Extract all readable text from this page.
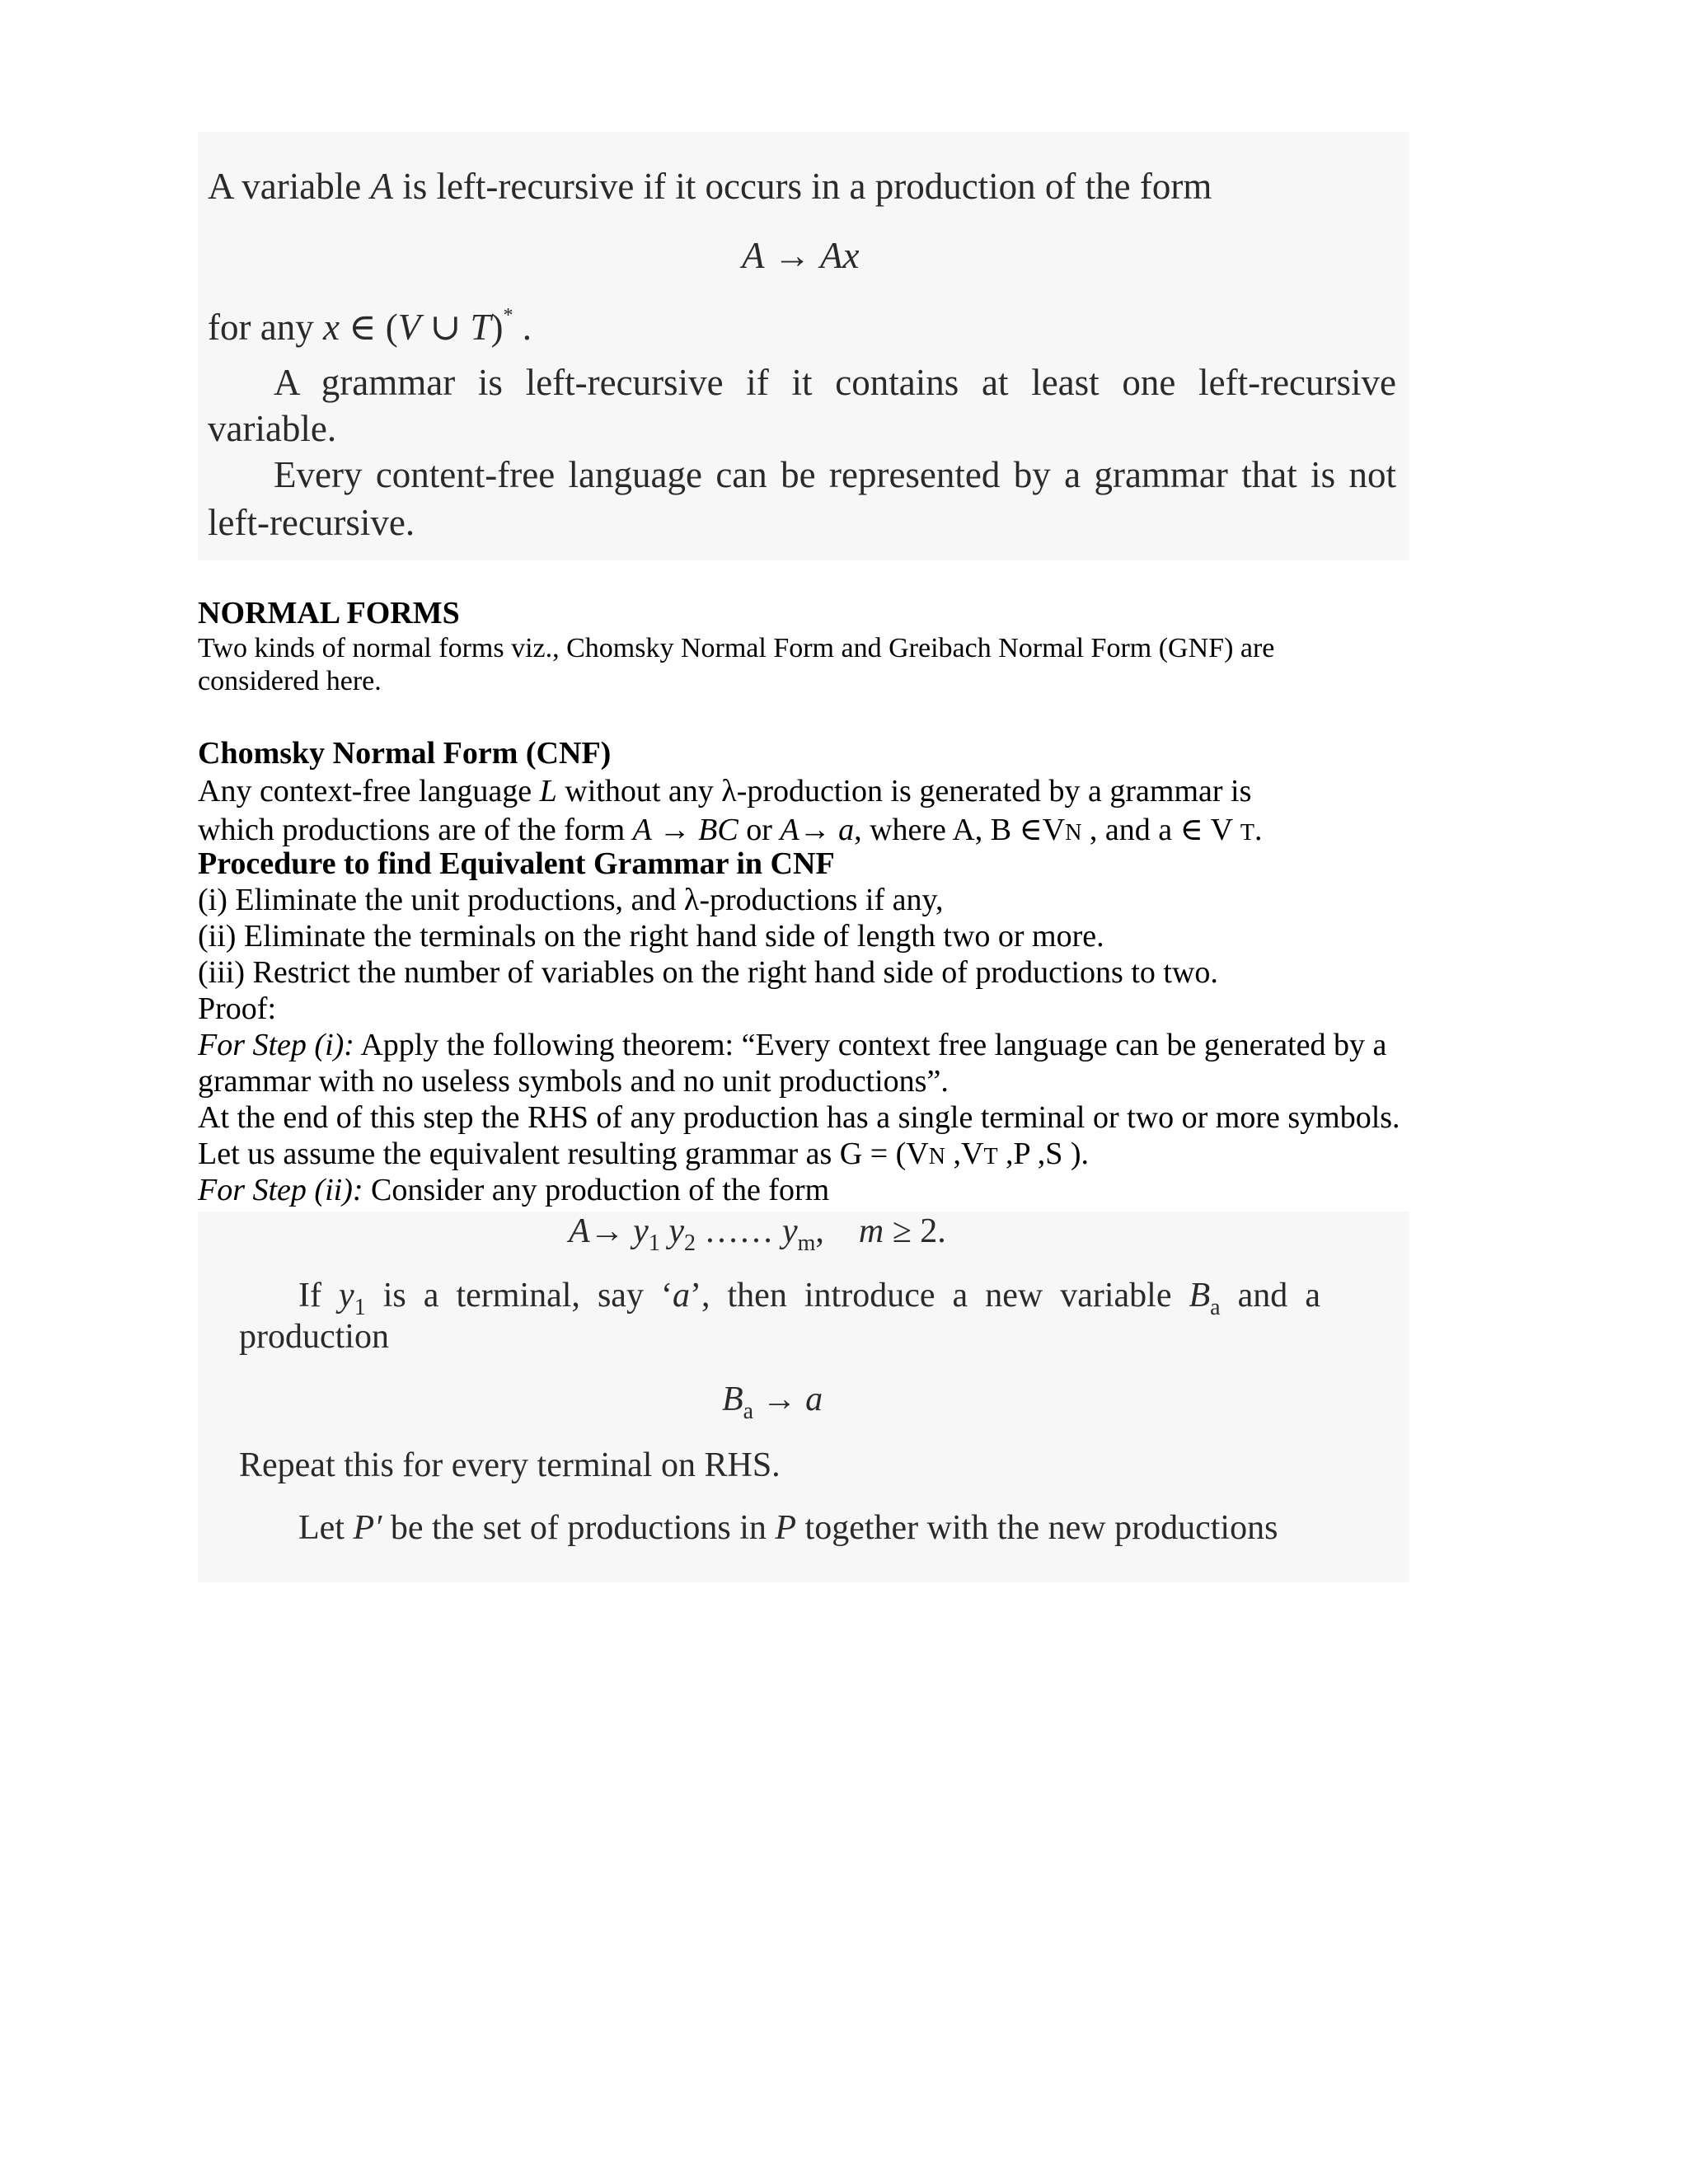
A variable A is left-recursive if it occurs in a production of the form
A → Ax
for any x ∈ (V ∪ T)* .
A grammar is left-recursive if it contains at least one left-recursive
variable.
Every content-free language can be represented by a grammar that is not
left-recursive.
NORMAL FORMS
Two kinds of normal forms viz., Chomsky Normal Form and Greibach Normal Form (GNF) are
considered here.
Chomsky Normal Form (CNF)
Any context-free language L without any λ-production is generated by a grammar is
which productions are of the form A → BC or A→ a, where A, B ∈VN , and a ∈ V T.
Procedure to find Equivalent Grammar in CNF
(i) Eliminate the unit productions, and λ-productions if any,
(ii) Eliminate the terminals on the right hand side of length two or more.
(iii) Restrict the number of variables on the right hand side of productions to two.
Proof:
For Step (i): Apply the following theorem: “Every context free language can be generated by a
grammar with no useless symbols and no unit productions”.
At the end of this step the RHS of any production has a single terminal or two or more symbols.
Let us assume the equivalent resulting grammar as G = (VN ,VT ,P ,S ).
For Step (ii): Consider any production of the form
$A\to y_1$ $y_2$ …… $y_m$, m ≥ 2.
If $y_1$ is a terminal, say ‘a’, then introduce a new variable $B_a$ and a
production
$B_a \to a$
Repeat this for every terminal on RHS.
Let P′ be the set of productions in P together with the new productions
